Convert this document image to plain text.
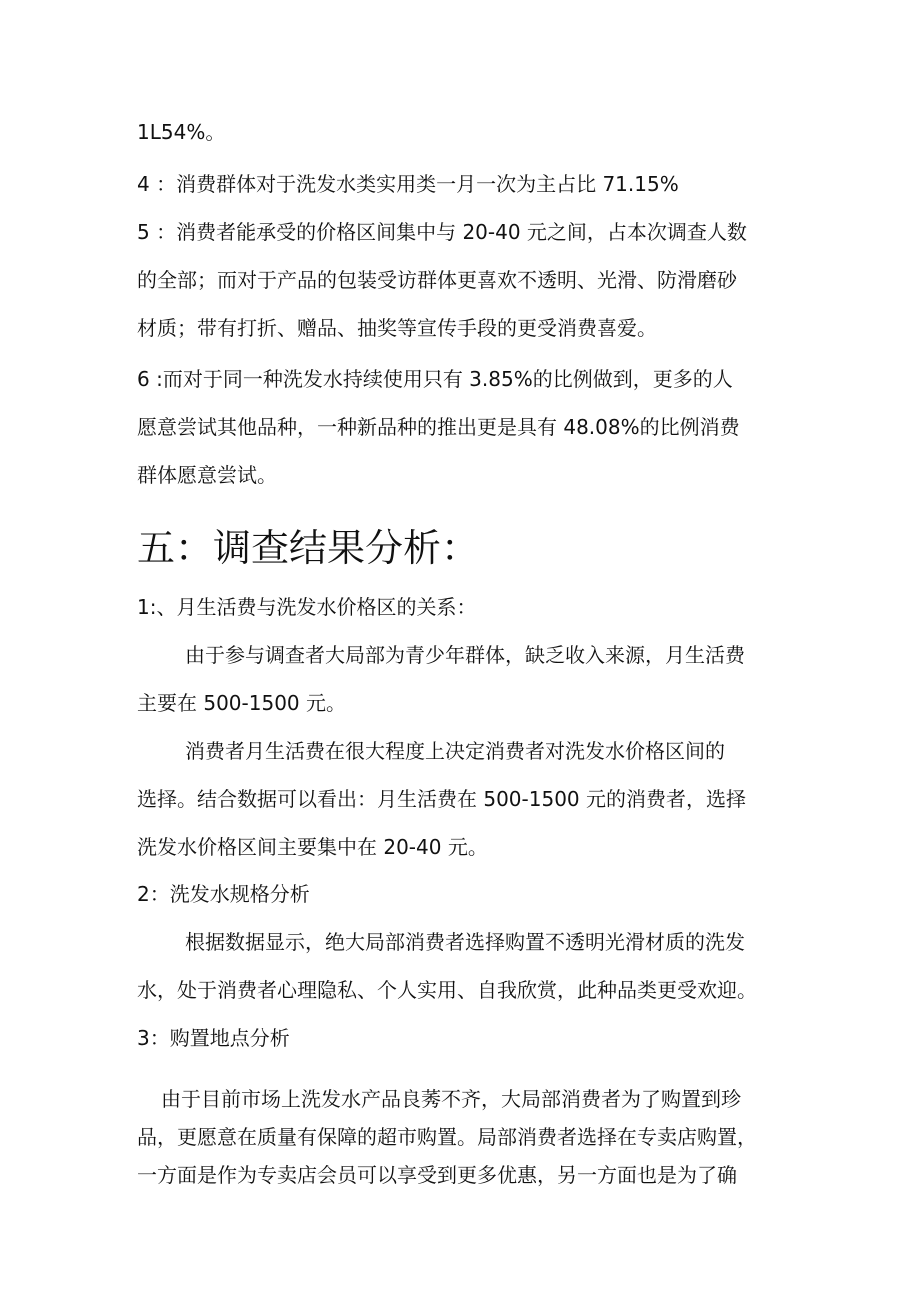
1L54%。
4 ：消费群体对于洗发水类实用类一月一次为主占比 71.15%
5 ：消费者能承受的价格区间集中与 20-40 元之间，占本次调查人数
的全部；而对于产品的包装受访群体更喜欢不透明、光滑、防滑磨砂
材质；带有打折、赠品、抽奖等宣传手段的更受消费喜爱。
6 :而对于同一种洗发水持续使用只有 3.85%的比例做到，更多的人
愿意尝试其他品种，一种新品种的推出更是具有 48.08%的比例消费
群体愿意尝试。
五：调查结果分析：
1:、月生活费与洗发水价格区的关系：
由于参与调查者大局部为青少年群体，缺乏收入来源，月生活费
主要在 500-1500 元。
消费者月生活费在很大程度上决定消费者对洗发水价格区间的
选择。结合数据可以看出：月生活费在 500-1500 元的消费者，选择
洗发水价格区间主要集中在 20-40 元。
2：洗发水规格分析
根据数据显示，绝大局部消费者选择购置不透明光滑材质的洗发
水，处于消费者心理隐私、个人实用、自我欣赏，此种品类更受欢迎。
3：购置地点分析
由于目前市场上洗发水产品良莠不齐，大局部消费者为了购置到珍
品，更愿意在质量有保障的超市购置。局部消费者选择在专卖店购置，
一方面是作为专卖店会员可以享受到更多优惠，另一方面也是为了确
